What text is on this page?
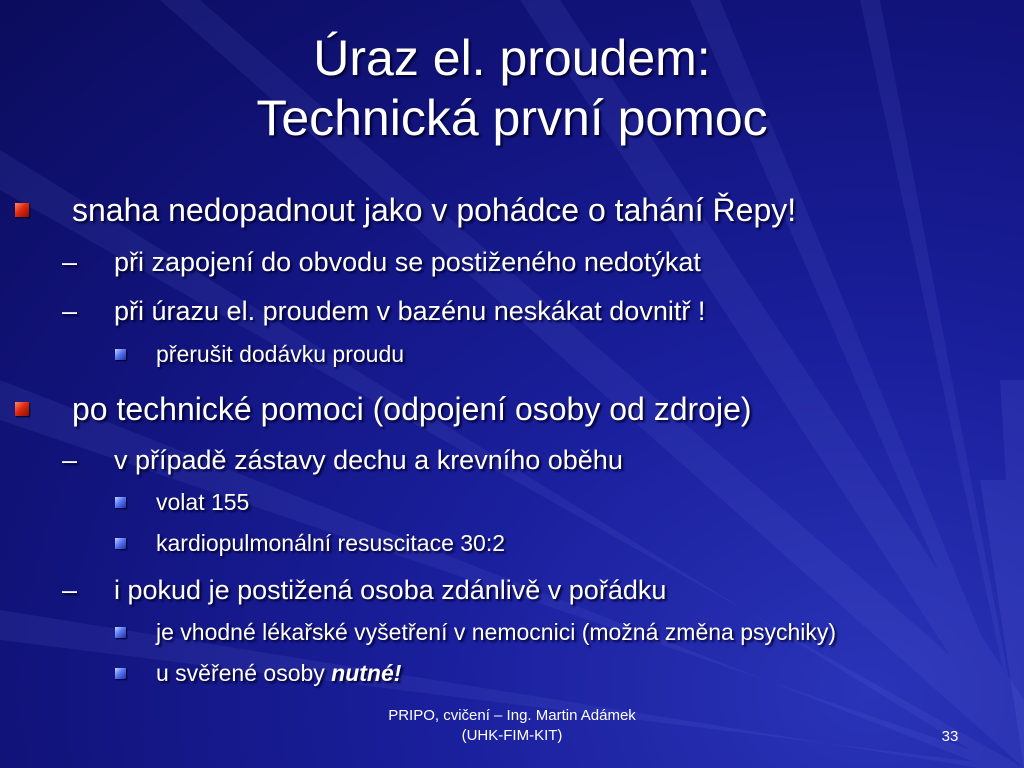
Úraz el. proudem:
Technická první pomoc
snaha nedopadnout jako v pohádce o tahání Řepy!
– při zapojení do obvodu se postiženého nedotýkat
– při úrazu el. proudem v bazénu neskákat dovnitř !
přerušit dodávku proudu
po technické pomoci (odpojení osoby od zdroje)
– v případě zástavy dechu a krevního oběhu
volat 155
kardiopulmonální resuscitace 30:2
– i pokud je postižená osoba zdánlivě v pořádku
je vhodné lékařské vyšetření v nemocnici (možná změna psychiky)
u svěřené osoby nutné!
PRIPO, cvičení – Ing. Martin Adámek
(UHK-FIM-KIT)	33
